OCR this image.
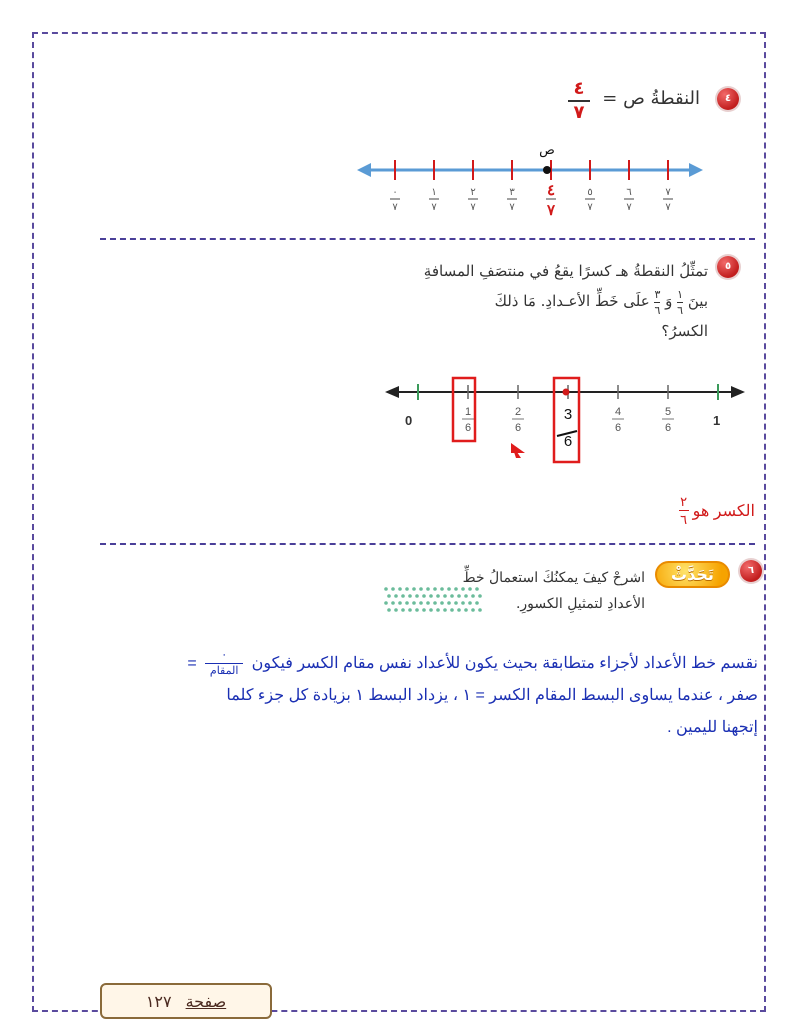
٤
النقطةُ ص =
٤
٧
٠
٧
١
٧
٢
٧
٣
٧
٤
٧
٥
٧
٦
٧
٧
٧
ص
٥
تمثِّلُ النقطةُ هـ كسرًا يقعُ في منتصَفِ المسافةِ
بينَ
$\frac{١}{٦}$
وَ
$\frac{٣}{٦}$
علَى خَطِّ الأعـدادِ. مَا ذلكَ
الكسرُ؟
0	1
1
6
2
6
3
6
4
6
5
6
الكسر هو
$\frac{٢}{٦}$
٦
تَحَدَّثْ
اشرحْ كيفَ يمكنُكَ استعمالُ خطِّ
الأعدادِ لتمثيلِ الكسورِ.
نقسم خط الأعداد لأجزاء متطابقة بحيث يكون للأعداد نفس مقام الكسر فيكون
$\frac{٠}{\text{المقام}}$
=
صفر ، عندما يساوى البسط المقام الكسر = ١ ، يزداد البسط ١ بزيادة كل جزء كلما
إتجهنا لليمين .
صفحة
١٢٧
